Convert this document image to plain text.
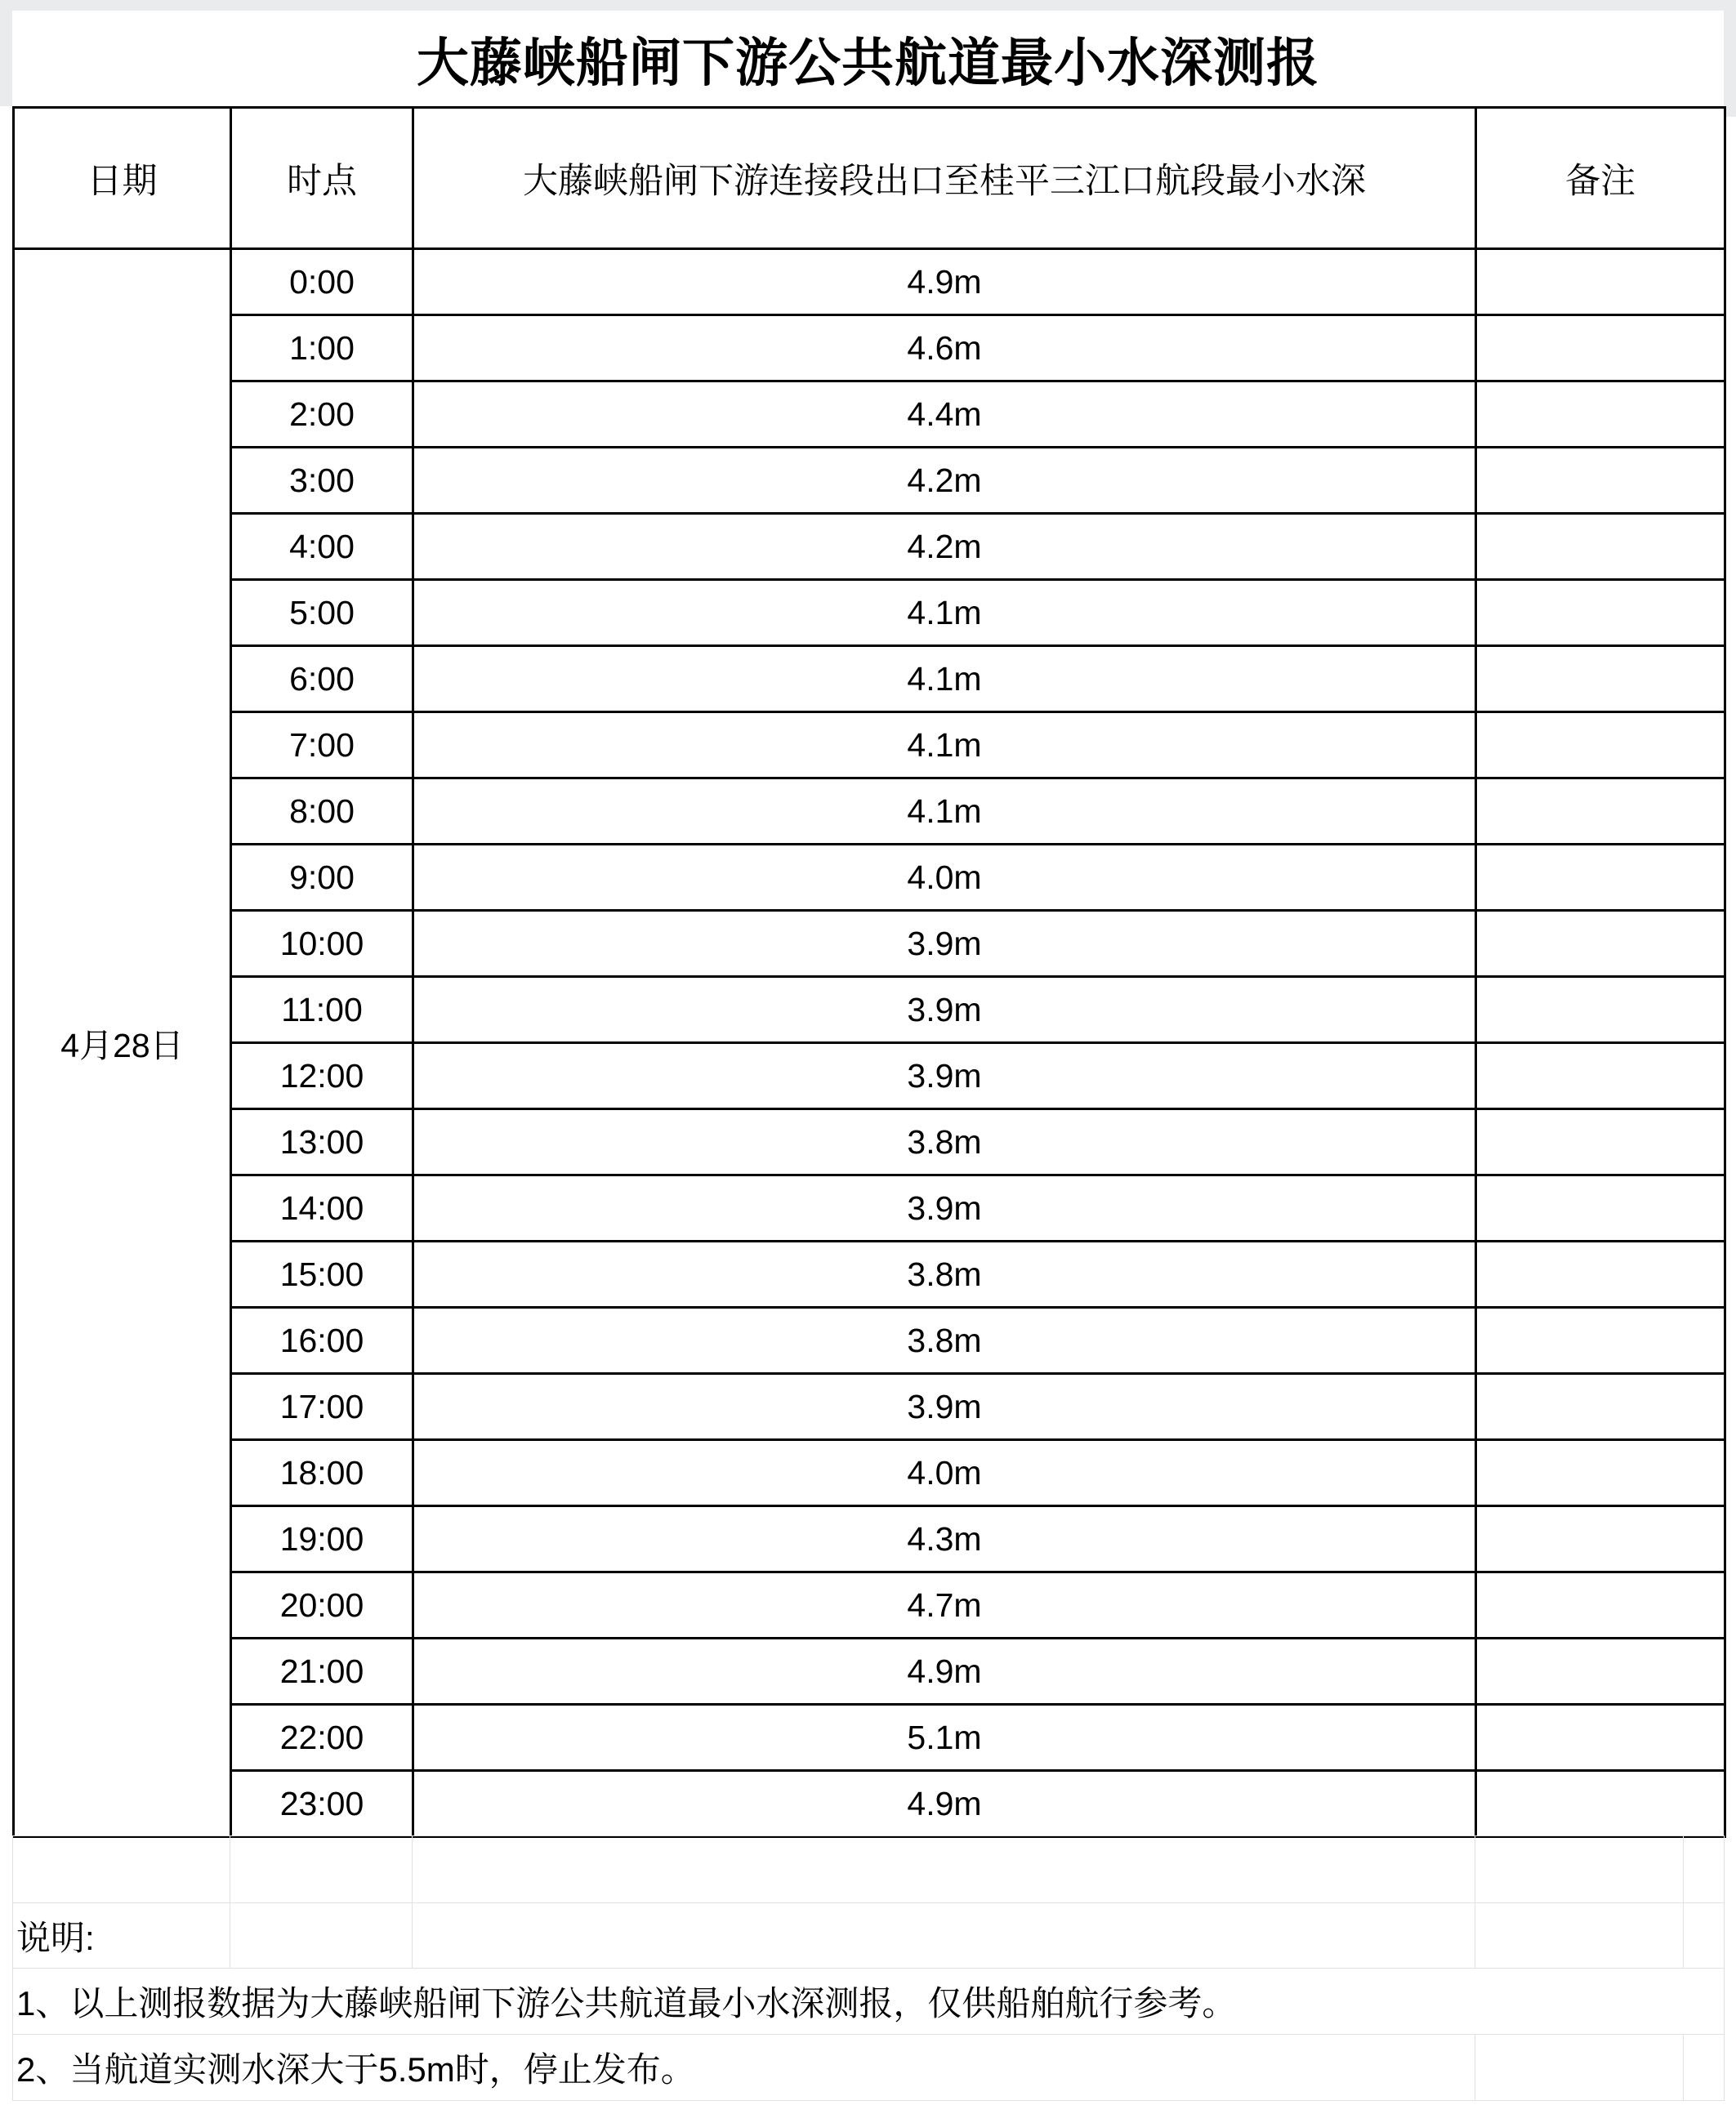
大藤峡船闸下游公共航道最小水深测报
日期	时点	大藤峡船闸下游连接段出口至桂平三江口航段最小水深	备注
4月28日	0:00	4.9m	
	1:00	4.6m	
	2:00	4.4m	
	3:00	4.2m	
	4:00	4.2m	
	5:00	4.1m	
	6:00	4.1m	
	7:00	4.1m	
	8:00	4.1m	
	9:00	4.0m	
	10:00	3.9m	
	11:00	3.9m	
	12:00	3.9m	
	13:00	3.8m	
	14:00	3.9m	
	15:00	3.8m	
	16:00	3.8m	
	17:00	3.9m	
	18:00	4.0m	
	19:00	4.3m	
	20:00	4.7m	
	21:00	4.9m	
	22:00	5.1m	
	23:00	4.9m	

说明:				
1、以上测报数据为大藤峡船闸下游公共航道最小水深测报，仅供船舶航行参考。				
2、当航道实测水深大于5.5m时，停止发布。				
